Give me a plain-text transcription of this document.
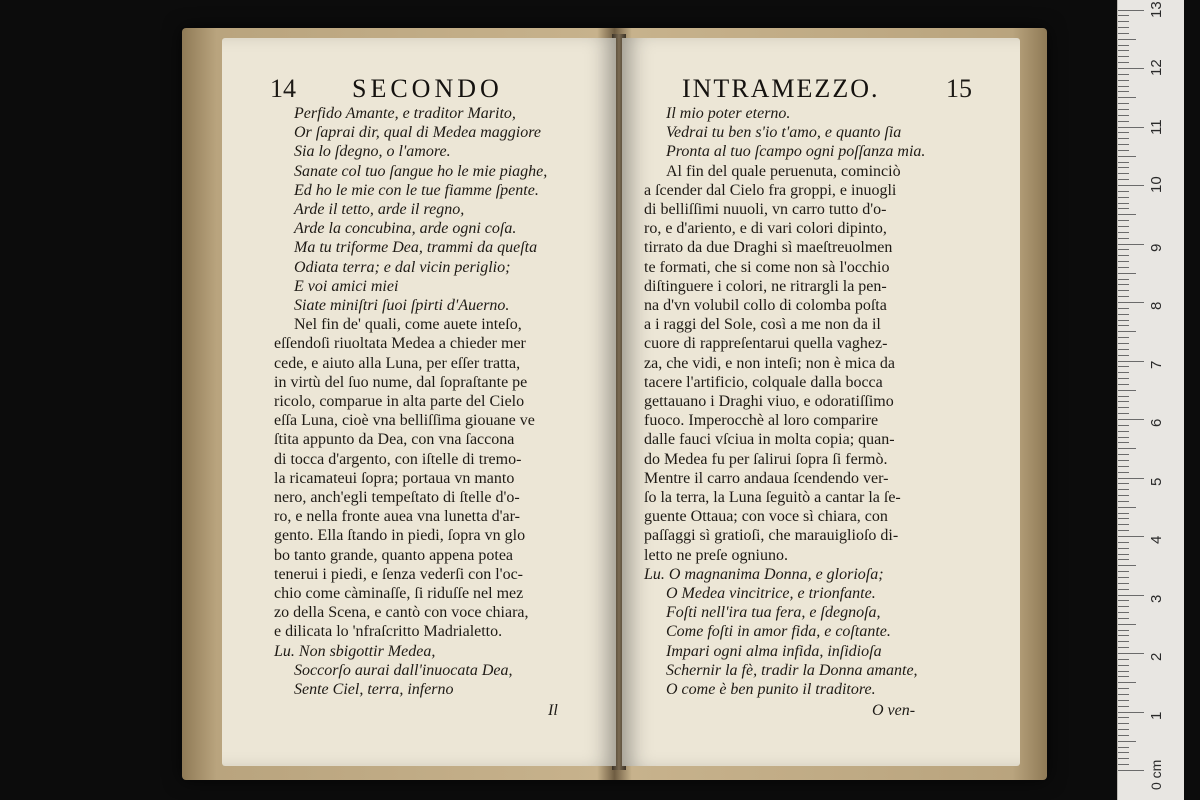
14 SECONDO
Perfido Amante, e traditor Marito,
Or ſaprai dir, qual di Medea maggiore
Sia lo ſdegno, o l'amore.
Sanate col tuo ſangue ho le mie piaghe,
Ed ho le mie con le tue fiamme ſpente.
Arde il tetto, arde il regno,
Arde la concubina, arde ogni coſa.
Ma tu triforme Dea, trammi da queſta
Odiata terra; e dal vicin periglio;
E voi amici miei
Siate miniſtri ſuoi ſpirti d'Auerno.
Nel fin de' quali, come auete inteſo,
eſſendoſi riuoltata Medea a chieder mer
cede, e aiuto alla Luna, per eſſer tratta,
in virtù del ſuo nume, dal ſopraſtante pe
ricolo, comparue in alta parte del Cielo
eſſa Luna, cioè vna belliſſima giouane ve
ſtita appunto da Dea, con vna ſaccona
di tocca d'argento, con iſtelle di tremo-
la ricamateui ſopra; portaua vn manto
nero, anch'egli tempeſtato di ſtelle d'o-
ro, e nella fronte auea vna lunetta d'ar-
gento. Ella ſtando in piedi, ſopra vn glo
bo tanto grande, quanto appena potea
tenerui i piedi, e ſenza vederſi con l'oc-
chio come càminaſſe, ſi riduſſe nel mez
zo della Scena, e cantò con voce chiara,
e dilicata lo 'nfraſcritto Madrialetto.
Lu. Non sbigottir Medea,
Soccorſo aurai dall'inuocata Dea,
Sente Ciel, terra, inferno
Il
INTRAMEZZO.	15
Il mio poter eterno.
Vedrai tu ben s'io t'amo, e quanto ſia
Pronta al tuo ſcampo ogni poſſanza mia.
Al fin del quale peruenuta, cominciò
a ſcender dal Cielo fra groppi, e inuogli
di belliſſimi nuuoli, vn carro tutto d'o-
ro, e d'ariento, e di vari colori dipinto,
tirrato da due Draghi sì maeſtreuolmen
te formati, che si come non sà l'occhio
diſtinguere i colori, ne ritrargli la pen-
na d'vn volubil collo di colomba poſta
a i raggi del Sole, così a me non da il
cuore di rappreſentarui quella vaghez-
za, che vidi, e non inteſi; non è mica da
tacere l'artificio, colquale dalla bocca
gettauano i Draghi viuo, e odoratiſſimo
fuoco. Imperocchè al loro comparire
dalle fauci vſciua in molta copia; quan-
do Medea fu per ſalirui ſopra ſi fermò.
Mentre il carro andaua ſcendendo ver-
ſo la terra, la Luna ſeguitò a cantar la ſe-
guente Ottaua; con voce sì chiara, con
paſſaggi sì gratioſi, che marauiglioſo di-
letto ne preſe ogniuno.
Lu. O magnanima Donna, e glorioſa;
O Medea vincitrice, e trionfante.
Foſti nell'ira tua fera, e ſdegnoſa,
Come foſti in amor fida, e coſtante.
Impari ogni alma infida, inſidioſa
Schernir la fè, tradir la Donna amante,
O come è ben punito il traditore.
O ven-
0 cm
1
2
3
4
5
6
7
8
9
10
11
12
13
